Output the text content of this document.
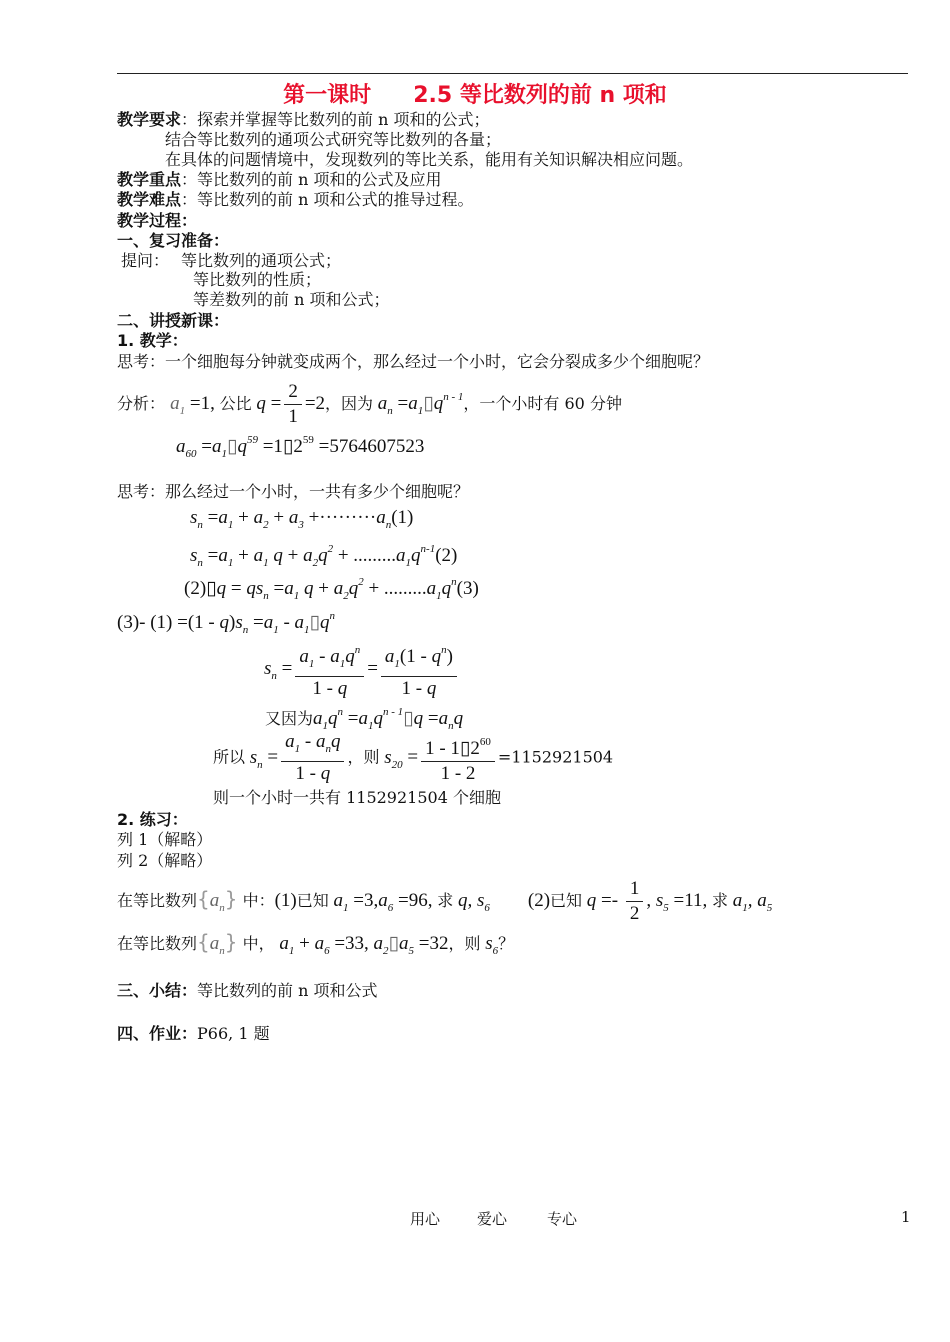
第一课时 2.5 等比数列的前 n 项和
教学要求：探索并掌握等比数列的前 n 项和的公式；
结合等比数列的通项公式研究等比数列的各量；
在具体的问题情境中，发现数列的等比关系，能用有关知识解决相应问题。
教学重点：等比数列的前 n 项和的公式及应用
教学难点：等比数列的前 n 项和公式的推导过程。
教学过程：
一、复习准备：
提问： 等比数列的通项公式；
等比数列的性质；
等差数列的前 n 项和公式；
二、讲授新课：
1. 教学：
思考：一个细胞每分钟就变成两个，那么经过一个小时，它会分裂成多少个细胞呢？
分析： $a_1 =1$, 公比 $q = \frac{2}{1} =2$，因为 $a_n$ $=a_1▯q^{n - 1}$，一个小时有 60 分钟
$a_{60}$ $=a_1▯q^{59}$ $=1▯2^{59} =5764607523$
思考：那么经过一个小时，一共有多少个细胞呢？
$s_n =a_1 + a_2 + a_3 +\cdot\cdot\cdot\cdot\cdot\cdot\cdot\cdot\cdot a_n(1)$
$s_n =a_1 + a_1$ $q + a_2q^2 + .........a_1q^{n-1}(2)$
(2)▯q = $qs_n =a_1$ $q + a_2q^2 + .........a_1q^n(3)$
(3)- $(1) =(1 - q)s_n =a_1$ - $a_1▯q^n$
$s_n = \frac{a_1 - a_1q^n}{1 - q} = \frac{a_1(1 - q^n)}{1 - q}$
又因为$a_1q^n$ $=a_1q^{n - 1}▯q =a_nq$
所以 $s_n = \frac{a_1 - a_nq}{1 - q}$ ，则 $s_{20} = \frac{1 - 1▯2^{60}}{1 - 2} =1152921504$
则一个小时一共有 1152921504 个细胞
2. 练习：
列 1（解略）
列 2（解略）
在等比数列$\{a_n\}$ 中：(1)已知 $a_1 =3,a_6 =96$, 求 q, $s_6$ (2)已知 $q =- \frac{1}{2}$ , $s_5 =11$, 求 $a_1$, $a_5$
在等比数列$\{a_n\}$ 中， $a_1 + a_6 =33$, $a_2▯a_5 =32$，则 $s_6$？
三、小结：等比数列的前 n 项和公式
四、作业：P66, 1 题
用心 爱心	专心	1
